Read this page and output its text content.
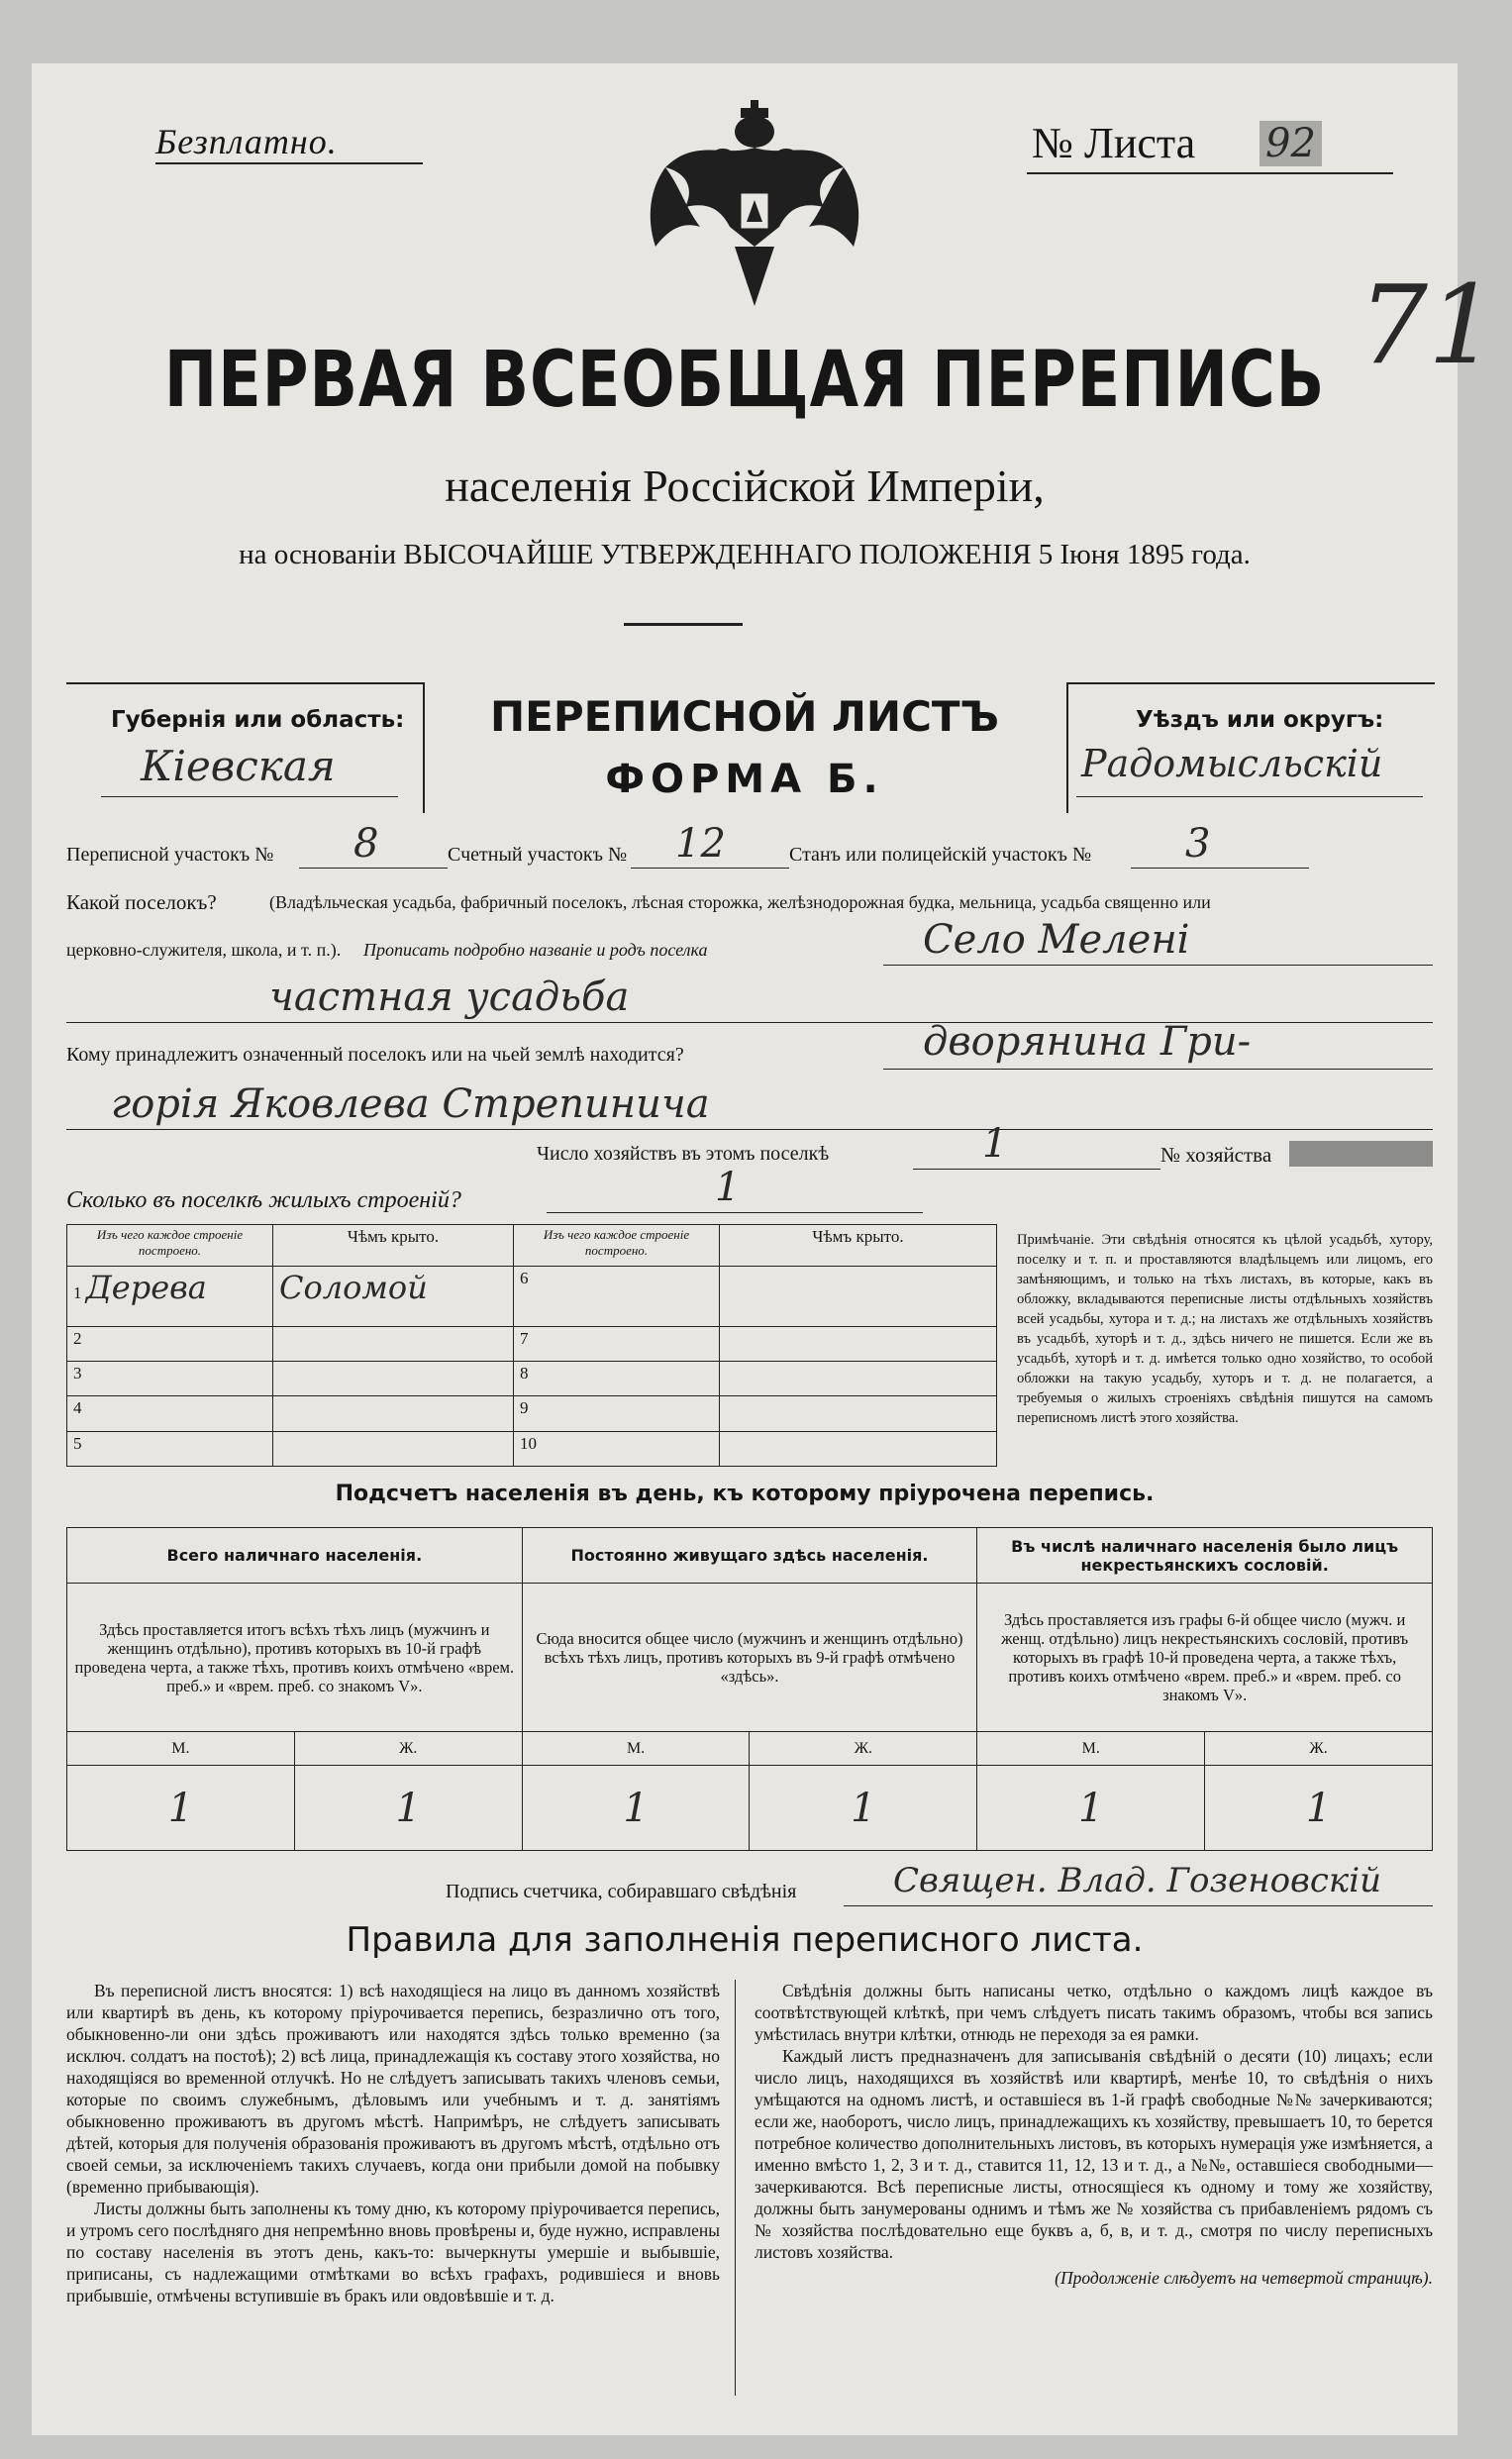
Безплатно.	№ Листа 92
71
ПЕРВАЯ ВСЕОБЩАЯ ПЕРЕПИСЬ
населенія Россійской Имперіи,
на основаніи ВЫСОЧАЙШЕ УТВЕРЖДЕННАГО ПОЛОЖЕНІЯ 5 Іюня 1895 года.
Губернія или область:
Кіевская
ПЕРЕПИСНОЙ ЛИСТЪ
ФОРМА Б.
Уѣздъ или округъ:
Радомысльскій
Переписной участокъ № 8	Счетный участокъ № 12	Станъ или полицейскій участокъ № 3
Какой поселокъ?	(Владѣльческая усадьба, фабричный поселокъ, лѣсная сторожка, желѣзнодорожная будка, мельница, усадьба священно или
церковно-служителя, школа, и т. п.). Прописать подробно названіе и родъ поселка	Село Меленi
частная усадьба
Кому принадлежитъ означенный поселокъ или на чьей землѣ находится?	дворянина Гри-
горія Яковлева Стрепинича
Число хозяйствъ въ этомъ поселкѣ	1	№ хозяйства
Сколько въ поселкѣ жилыхъ строеній?	1
Изъ чего каждое строеніе построено.	Чѣмъ крыто.	Изъ чего каждое строеніе построено.	Чѣмъ крыто.
1 Дерева	Соломой	6	
2		7	
3		8	
4		9	
5		10	
Примѣчаніе. Эти свѣдѣнія относятся къ цѣлой усадьбѣ, хутору, поселку и т. п. и проставляются владѣльцемъ или лицомъ, его замѣняющимъ, и только на тѣхъ листахъ, въ которые, какъ въ обложку, вкладываются переписные листы отдѣльныхъ хозяйствъ всей усадьбы, хутора и т. д.; на листахъ же отдѣльныхъ хозяйствъ въ усадьбѣ, хуторѣ и т. д., здѣсь ничего не пишется. Если же въ усадьбѣ, хуторѣ и т. д. имѣется только одно хозяйство, то особой обложки на такую усадьбу, хуторъ и т. д. не полагается, а требуемыя о жилыхъ строеніяхъ свѣдѣнія пишутся на самомъ переписномъ листѣ этого хозяйства.
Подсчетъ населенія въ день, къ которому пріурочена перепись.
Всего наличнаго населенія.		Постоянно живущаго здѣсь населенія.		Въ числѣ наличнаго населенія было лицъ некрестьянскихъ сословій.	
Здѣсь проставляется итогъ всѣхъ тѣхъ лицъ (мужчинъ и женщинъ отдѣльно), противъ которыхъ въ 10-й графѣ проведена черта, а также тѣхъ, противъ коихъ отмѣчено «врем. преб.» и «врем. преб. со знакомъ V».		Сюда вносится общее число (мужчинъ и женщинъ отдѣльно) всѣхъ тѣхъ лицъ, противъ которыхъ въ 9-й графѣ отмѣчено «здѣсь».		Здѣсь проставляется изъ графы 6-й общее число (мужч. и женщ. отдѣльно) лицъ некрестьянскихъ сословій, противъ которыхъ въ графѣ 10-й проведена черта, а также тѣхъ, противъ коихъ отмѣчено «врем. преб.» и «врем. преб. со знакомъ V».	
М.	Ж.	М.	Ж.	М.	Ж.
1	1	1	1	1	1
Подпись счетчика, собиравшаго свѣдѣнія	Священ. Влад. Гозеновскій
Правила для заполненія переписного листа.
Въ переписной листъ вносятся: 1) всѣ находящіеся на лицо въ данномъ хозяйствѣ или квартирѣ въ день, къ которому пріурочивается перепись, безразлично отъ того, обыкновенно-ли они здѣсь проживаютъ или находятся здѣсь только временно (за исключ. солдатъ на постоѣ); 2) всѣ лица, принадлежащія къ составу этого хозяйства, но находящіяся во временной отлучкѣ. Но не слѣдуетъ записывать такихъ членовъ семьи, которые по своимъ служебнымъ, дѣловымъ или учебнымъ и т. д. занятіямъ обыкновенно проживаютъ въ другомъ мѣстѣ. Напримѣръ, не слѣдуетъ записывать дѣтей, которыя для полученія образованія проживаютъ въ другомъ мѣстѣ, отдѣльно отъ своей семьи, за исключеніемъ такихъ случаевъ, когда они прибыли домой на побывку (временно прибывающія).
Листы должны быть заполнены къ тому дню, къ которому пріурочивается перепись, и утромъ сего послѣдняго дня непремѣнно вновь провѣрены и, буде нужно, исправлены по составу населенія въ этотъ день, какъ-то: вычеркнуты умершіе и выбывшіе, приписаны, съ надлежащими отмѣтками во всѣхъ графахъ, родившіеся и вновь прибывшіе, отмѣчены вступившіе въ бракъ или овдовѣвшіе и т. д.
Свѣдѣнія должны быть написаны четко, отдѣльно о каждомъ лицѣ каждое въ соотвѣтствующей клѣткѣ, при чемъ слѣдуетъ писать такимъ образомъ, чтобы вся запись умѣстилась внутри клѣтки, отнюдь не переходя за ея рамки.
Каждый листъ предназначенъ для записыванія свѣдѣній о десяти (10) лицахъ; если число лицъ, находящихся въ хозяйствѣ или квартирѣ, менѣе 10, то свѣдѣнія о нихъ умѣщаются на одномъ листѣ, и оставшіеся въ 1-й графѣ свободные №№ зачеркиваются; если же, наоборотъ, число лицъ, принадлежащихъ къ хозяйству, превышаетъ 10, то берется потребное количество дополнительныхъ листовъ, въ которыхъ нумерація уже измѣняется, а именно вмѣсто 1, 2, 3 и т. д., ставится 11, 12, 13 и т. д., а №№, оставшіеся свободными—зачеркиваются. Всѣ переписные листы, относящіеся къ одному и тому же хозяйству, должны быть занумерованы однимъ и тѣмъ же № хозяйства съ прибавленіемъ рядомъ съ № хозяйства послѣдовательно еще буквъ а, б, в, и т. д., смотря по числу переписныхъ листовъ хозяйства.
(Продолженіе слѣдуетъ на четвертой страницѣ).
